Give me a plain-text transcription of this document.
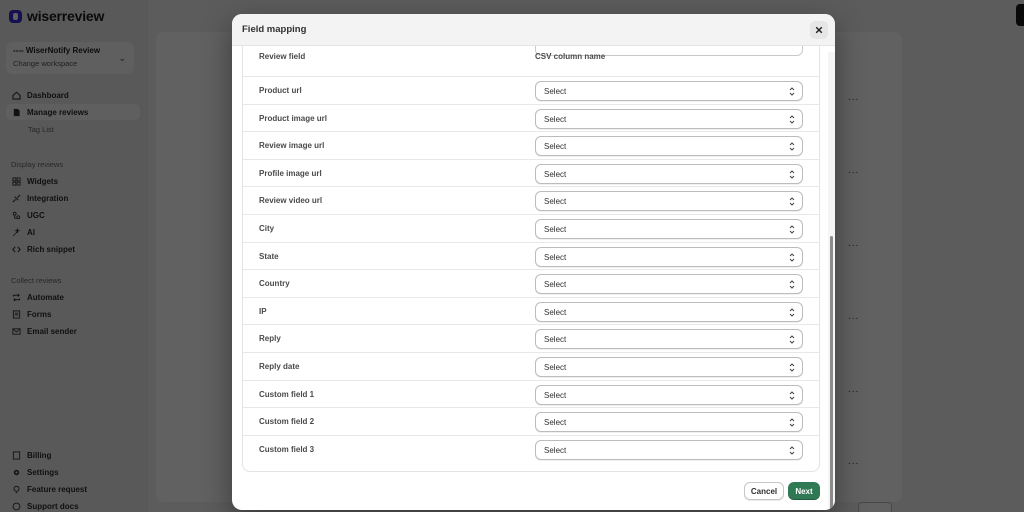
Field mapping
Review field	CSV column name
Product url	Select
Product image url	Select
Review image url	Select
Profile image url	Select
Review video url	Select
City	Select
State	Select
Country	Select
IP	Select
Reply	Select
Reply date	Select
Custom field 1	Select
Custom field 2	Select
Custom field 3	Select
Cancel	Next
